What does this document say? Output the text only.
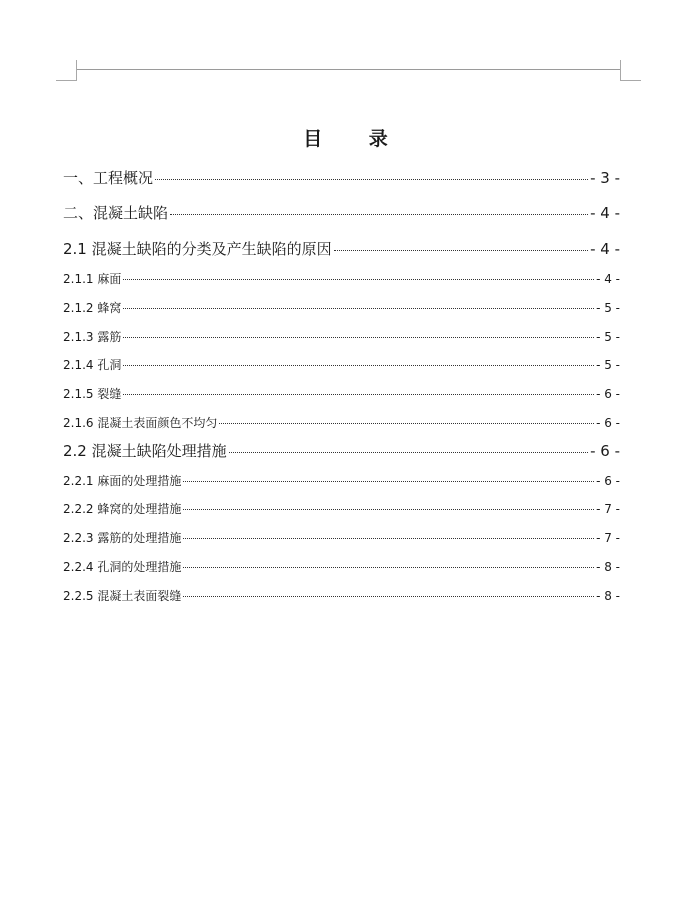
目 录
一、工程概况	- 3 -
二、混凝土缺陷	- 4 -
2.1 混凝土缺陷的分类及产生缺陷的原因	- 4 -
2.1.1 麻面	- 4 -
2.1.2 蜂窝	- 5 -
2.1.3 露筋	- 5 -
2.1.4 孔洞	- 5 -
2.1.5 裂缝	- 6 -
2.1.6 混凝土表面颜色不均匀	- 6 -
2.2 混凝土缺陷处理措施	- 6 -
2.2.1 麻面的处理措施	- 6 -
2.2.2 蜂窝的处理措施	- 7 -
2.2.3 露筋的处理措施	- 7 -
2.2.4 孔洞的处理措施	- 8 -
2.2.5 混凝土表面裂缝	- 8 -
